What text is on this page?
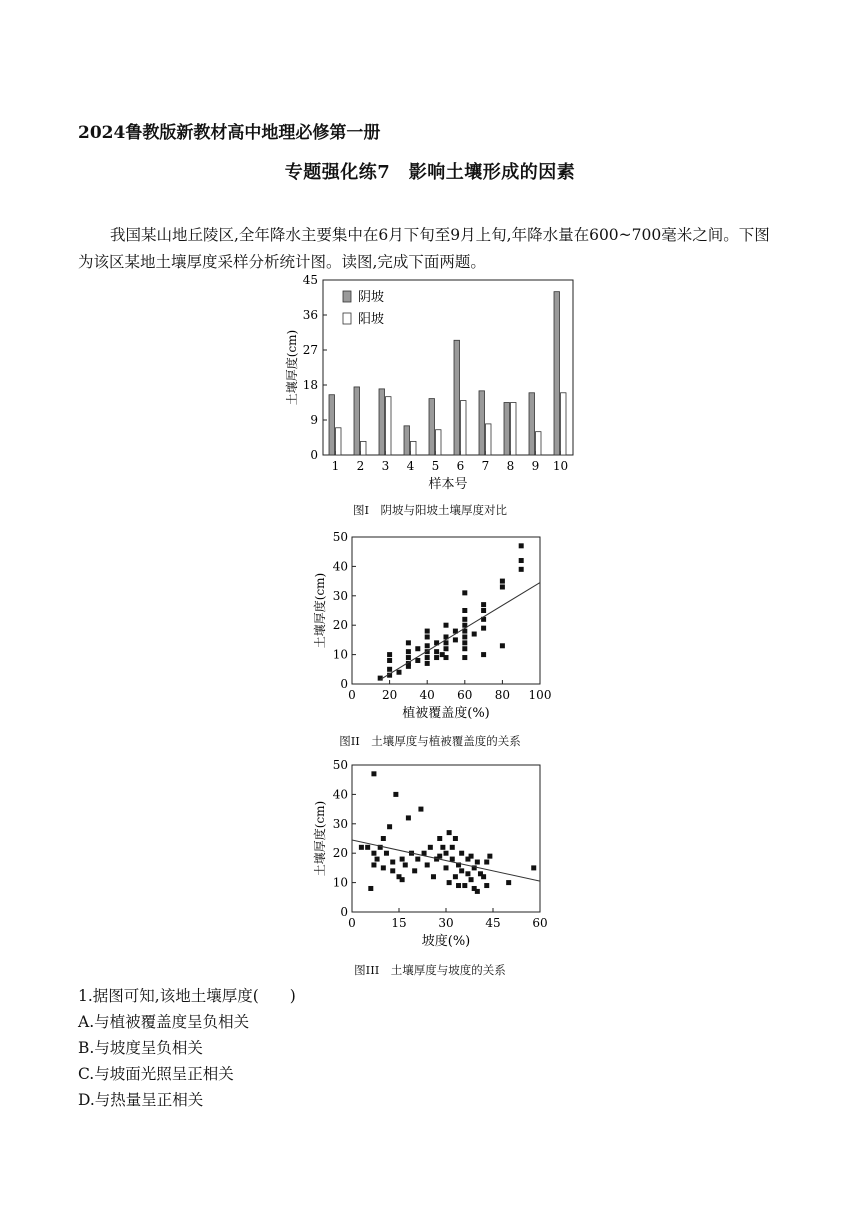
2024鲁教版新教材高中地理必修第一册
专题强化练7　影响土壤形成的因素
我国某山地丘陵区,全年降水主要集中在6月下旬至9月上旬,年降水量在600~700毫米之间。下图为该区某地土壤厚度采样分析统计图。读图,完成下面两题。
0
9
18
27
36
45
1 2 3 4 5 6 7 8 9 10
样本号
土壤厚度(cm)
阴坡
阳坡
图I　阴坡与阳坡土壤厚度对比
0
10
20
30
40
50
0 20 40 60 80 100
植被覆盖度(%)
土壤厚度(cm)
图II　土壤厚度与植被覆盖度的关系
0
10
20
30
40
50
0	15	30	45	60
坡度(%)
土壤厚度(cm)
图III　土壤厚度与坡度的关系
1.据图可知,该地土壤厚度(　　)
A.与植被覆盖度呈负相关
B.与坡度呈负相关
C.与坡面光照呈正相关
D.与热量呈正相关
